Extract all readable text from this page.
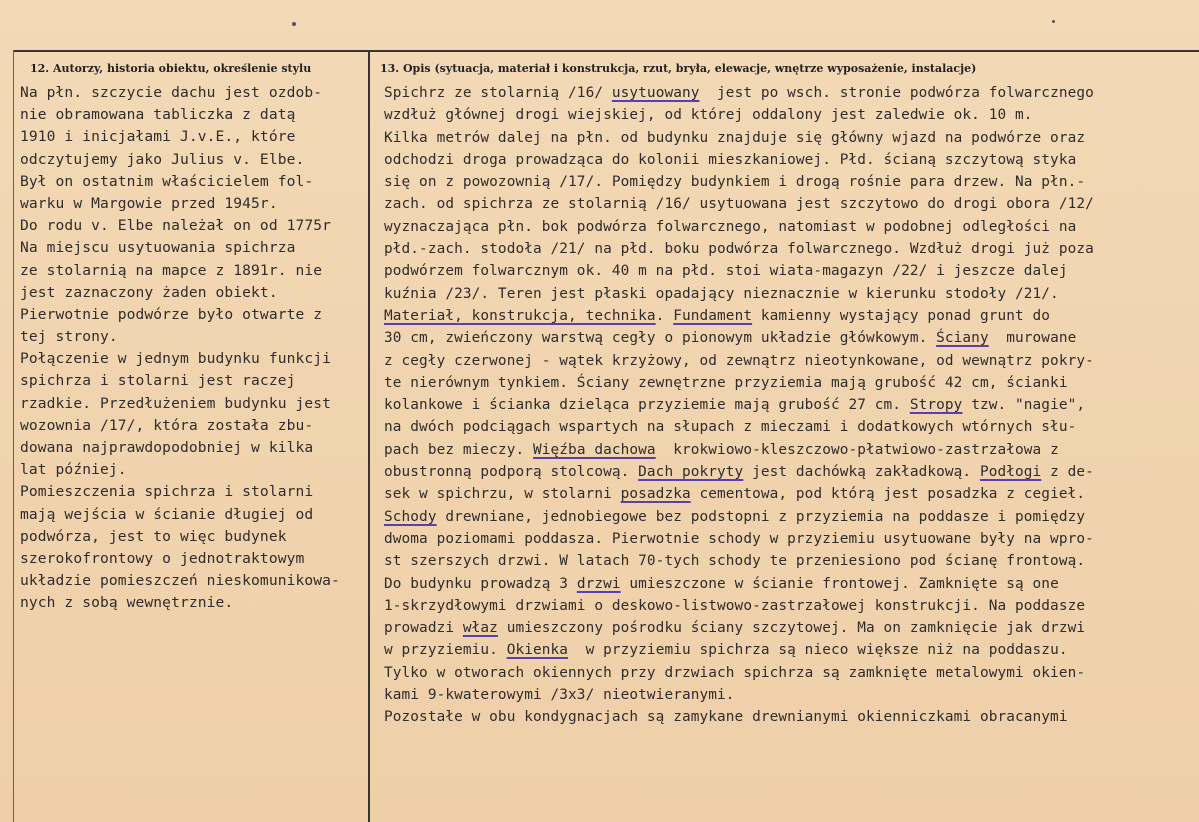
12. Autorzy, historia obiektu, określenie stylu	13. Opis (sytuacja, materiał i konstrukcja, rzut, bryła, elewacje, wnętrze wyposażenie, instalacje)
Na płn. szczycie dachu jest ozdob-
nie obramowana tabliczka z datą
1910 i inicjałami J.v.E., które
odczytujemy jako Julius v. Elbe.
Był on ostatnim właścicielem fol-
warku w Margowie przed 1945r.
Do rodu v. Elbe należał on od 1775r
Na miejscu usytuowania spichrza
ze stolarnią na mapce z 1891r. nie
jest zaznaczony żaden obiekt.
Pierwotnie podwórze było otwarte z
tej strony.
Połączenie w jednym budynku funkcji
spichrza i stolarni jest raczej
rzadkie. Przedłużeniem budynku jest
wozownia /17/, która została zbu-
dowana najprawdopodobniej w kilka
lat później.
Pomieszczenia spichrza i stolarni
mają wejścia w ścianie długiej od
podwórza, jest to więc budynek
szerokofrontowy o jednotraktowym
układzie pomieszczeń nieskomunikowa-
nych z sobą wewnętrznie.
Spichrz ze stolarnią /16/ usytuowany  jest po wsch. stronie podwórza folwarcznego
wzdłuż głównej drogi wiejskiej, od której oddalony jest zaledwie ok. 10 m.
Kilka metrów dalej na płn. od budynku znajduje się główny wjazd na podwórze oraz
odchodzi droga prowadząca do kolonii mieszkaniowej. Płd. ścianą szczytową styka
się on z powozownią /17/. Pomiędzy budynkiem i drogą rośnie para drzew. Na płn.-
zach. od spichrza ze stolarnią /16/ usytuowana jest szczytowo do drogi obora /12/
wyznaczająca płn. bok podwórza folwarcznego, natomiast w podobnej odległości na
płd.-zach. stodoła /21/ na płd. boku podwórza folwarcznego. Wzdłuż drogi już poza
podwórzem folwarcznym ok. 40 m na płd. stoi wiata-magazyn /22/ i jeszcze dalej
kuźnia /23/. Teren jest płaski opadający nieznacznie w kierunku stodoły /21/.
Materiał, konstrukcja, technika. Fundament kamienny wystający ponad grunt do
30 cm, zwieńczony warstwą cegły o pionowym układzie główkowym. Ściany  murowane
z cegły czerwonej - wątek krzyżowy, od zewnątrz nieotynkowane, od wewnątrz pokry-
te nierównym tynkiem. Ściany zewnętrzne przyziemia mają grubość 42 cm, ścianki
kolankowe i ścianka dzieląca przyziemie mają grubość 27 cm. Stropy tzw. "nagie",
na dwóch podciągach wspartych na słupach z mieczami i dodatkowych wtórnych słu-
pach bez mieczy. Więźba dachowa  krokwiowo-kleszczowo-płatwiowo-zastrzałowa z
obustronną podporą stolcową. Dach pokryty jest dachówką zakładkową. Podłogi z de-
sek w spichrzu, w stolarni posadzka cementowa, pod którą jest posadzka z cegieł.
Schody drewniane, jednobiegowe bez podstopni z przyziemia na poddasze i pomiędzy
dwoma poziomami poddasza. Pierwotnie schody w przyziemiu usytuowane były na wpro-
st szerszych drzwi. W latach 70-tych schody te przeniesiono pod ścianę frontową.
Do budynku prowadzą 3 drzwi umieszczone w ścianie frontowej. Zamknięte są one
1-skrzydłowymi drzwiami o deskowo-listwowo-zastrzałowej konstrukcji. Na poddasze
prowadzi właz umieszczony pośrodku ściany szczytowej. Ma on zamknięcie jak drzwi
w przyziemiu. Okienka  w przyziemiu spichrza są nieco większe niż na poddaszu.
Tylko w otworach okiennych przy drzwiach spichrza są zamknięte metalowymi okien-
kami 9-kwaterowymi /3x3/ nieotwieranymi.
Pozostałe w obu kondygnacjach są zamykane drewnianymi okienniczkami obracanymi
